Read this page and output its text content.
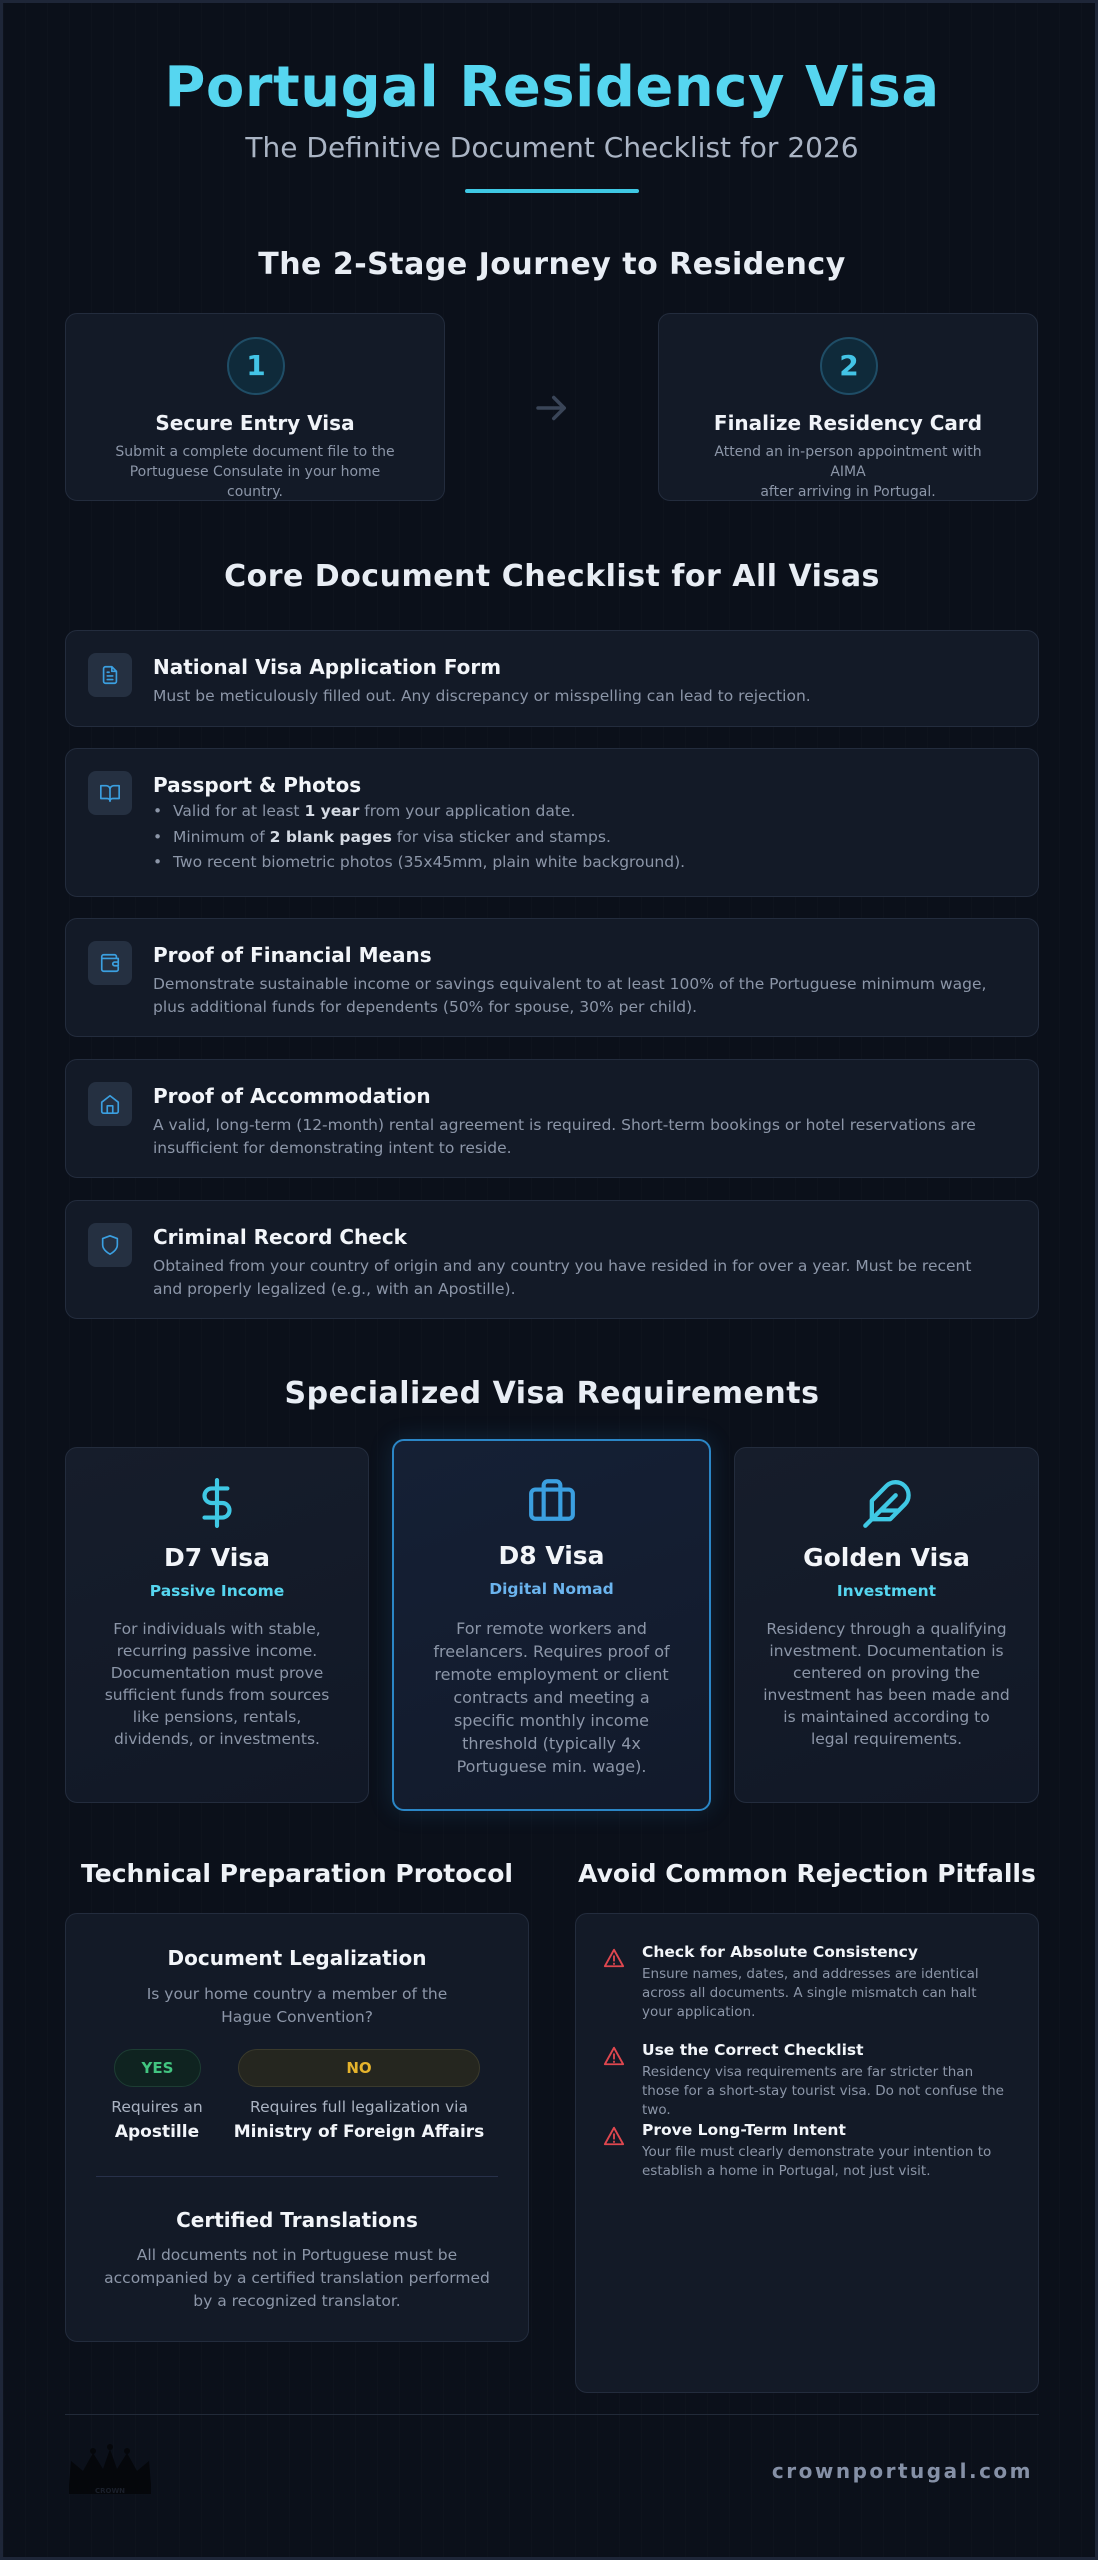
Portugal Residency Visa
The Definitive Document Checklist for 2026
The 2-Stage Journey to Residency
1
Secure Entry Visa
Submit a complete document file to the
Portuguese Consulate in your home country.
2
Finalize Residency Card
Attend an in-person appointment with AIMA
after arriving in Portugal.
Core Document Checklist for All Visas
National Visa Application Form
Must be meticulously filled out. Any discrepancy or misspelling can lead to rejection.
Passport & Photos
• Valid for at least 1 year from your application date.
• Minimum of 2 blank pages for visa sticker and stamps.
• Two recent biometric photos (35x45mm, plain white background).
Proof of Financial Means
Demonstrate sustainable income or savings equivalent to at least 100% of the Portuguese minimum wage, plus additional funds for dependents (50% for spouse, 30% per child).
Proof of Accommodation
A valid, long-term (12-month) rental agreement is required. Short-term bookings or hotel reservations are insufficient for demonstrating intent to reside.
Criminal Record Check
Obtained from your country of origin and any country you have resided in for over a year. Must be recent and properly legalized (e.g., with an Apostille).
Specialized Visa Requirements
D7 Visa
Passive Income
For individuals with stable, recurring passive income. Documentation must prove sufficient funds from sources like pensions, rentals, dividends, or investments.
D8 Visa
Digital Nomad
For remote workers and freelancers. Requires proof of remote employment or client contracts and meeting a specific monthly income threshold (typically 4x Portuguese min. wage).
Golden Visa
Investment
Residency through a qualifying investment. Documentation is centered on proving the investment has been made and is maintained according to legal requirements.
Technical Preparation Protocol
Document Legalization
Is your home country a member of the Hague Convention?
YES	NO
Requires an
Apostille
Requires full legalization via
Ministry of Foreign Affairs
Certified Translations
All documents not in Portuguese must be accompanied by a certified translation performed by a recognized translator.
Avoid Common Rejection Pitfalls
Check for Absolute Consistency
Ensure names, dates, and addresses are identical across all documents. A single mismatch can halt your application.
Use the Correct Checklist
Residency visa requirements are far stricter than those for a short-stay tourist visa. Do not confuse the two.
Prove Long-Term Intent
Your file must clearly demonstrate your intention to establish a home in Portugal, not just visit.
CROWN
crownportugal.com
